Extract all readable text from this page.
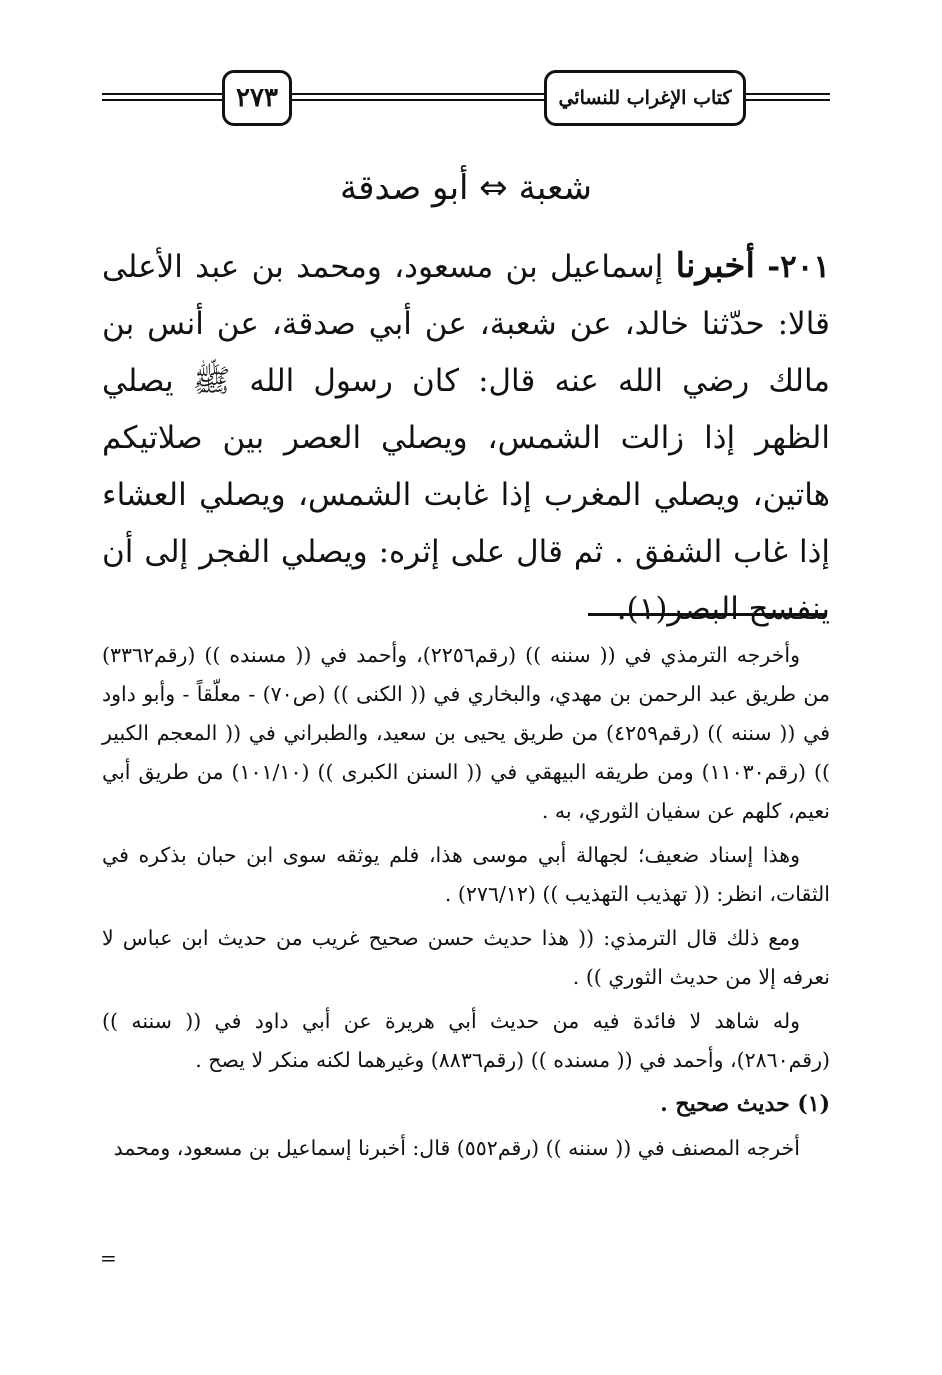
٢٧٣	كتاب الإغراب للنسائي
شعبة ⇔ أبو صدقة
٢٠١- أخبرنا إسماعيل بن مسعود، ومحمد بن عبد الأعلى قالا: حدّثنا خالد، عن شعبة، عن أبي صدقة، عن أنس بن مالك رضي الله عنه قال: كان رسول الله ﷺ يصلي الظهر إذا زالت الشمس، ويصلي العصر بين صلاتيكم هاتين، ويصلي المغرب إذا غابت الشمس، ويصلي العشاء إذا غاب الشفق . ثم قال على إثره: ويصلي الفجر إلى أن ينفسح البصر(١).

وأخرجه الترمذي في (( سننه )) (رقم٢٢٥٦)، وأحمد في (( مسنده )) (رقم٣٣٦٢) من طريق عبد الرحمن بن مهدي، والبخاري في (( الكنى )) (ص٧٠) - معلّقاً - وأبو داود في (( سننه )) (رقم٤٢٥٩) من طريق يحيى بن سعيد، والطبراني في (( المعجم الكبير )) (رقم١١٠٣٠) ومن طريقه البيهقي في (( السنن الكبرى )) (١٠١/١٠) من طريق أبي نعيم، كلهم عن سفيان الثوري، به .

وهذا إسناد ضعيف؛ لجهالة أبي موسى هذا، فلم يوثقه سوى ابن حبان بذكره في الثقات، انظر: (( تهذيب التهذيب )) (٢٧٦/١٢) .

ومع ذلك قال الترمذي: (( هذا حديث حسن صحيح غريب من حديث ابن عباس لا نعرفه إلا من حديث الثوري )) .

وله شاهد لا فائدة فيه من حديث أبي هريرة عن أبي داود في (( سننه )) (رقم٢٨٦٠)، وأحمد في (( مسنده )) (رقم٨٨٣٦) وغيرهما لكنه منكر لا يصح .

(١) حديث صحيح .

أخرجه المصنف في (( سننه )) (رقم٥٥٢) قال: أخبرنا إسماعيل بن مسعود، ومحمد

=
